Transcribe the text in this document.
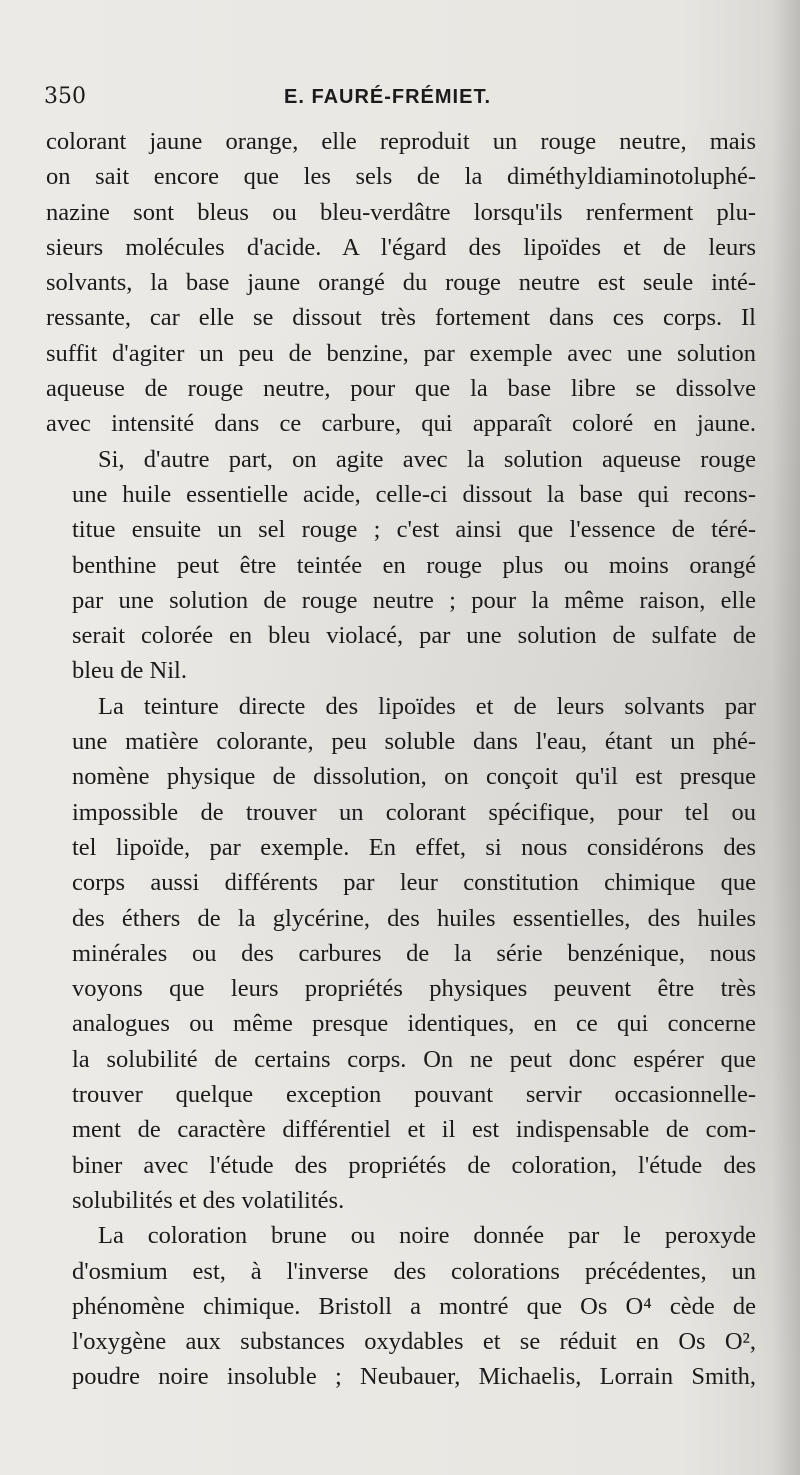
350	E. FAURÉ-FRÉMIET.

colorant jaune orange, elle reproduit un rouge neutre, mais
on sait encore que les sels de la diméthyldiaminotoluphé-
nazine sont bleus ou bleu-verdâtre lorsqu'ils renferment plu-
sieurs molécules d'acide. A l'égard des lipoïdes et de leurs
solvants, la base jaune orangé du rouge neutre est seule inté-
ressante, car elle se dissout très fortement dans ces corps. Il
suffit d'agiter un peu de benzine, par exemple avec une solution
aqueuse de rouge neutre, pour que la base libre se dissolve
avec intensité dans ce carbure, qui apparaît coloré en jaune.

Si, d'autre part, on agite avec la solution aqueuse rouge
une huile essentielle acide, celle-ci dissout la base qui recons-
titue ensuite un sel rouge ; c'est ainsi que l'essence de téré-
benthine peut être teintée en rouge plus ou moins orangé
par une solution de rouge neutre ; pour la même raison, elle
serait colorée en bleu violacé, par une solution de sulfate de
bleu de Nil.

La teinture directe des lipoïdes et de leurs solvants par
une matière colorante, peu soluble dans l'eau, étant un phé-
nomène physique de dissolution, on conçoit qu'il est presque
impossible de trouver un colorant spécifique, pour tel ou
tel lipoïde, par exemple. En effet, si nous considérons des
corps aussi différents par leur constitution chimique que
des éthers de la glycérine, des huiles essentielles, des huiles
minérales ou des carbures de la série benzénique, nous
voyons que leurs propriétés physiques peuvent être très
analogues ou même presque identiques, en ce qui concerne
la solubilité de certains corps. On ne peut donc espérer que
trouver quelque exception pouvant servir occasionnelle-
ment de caractère différentiel et il est indispensable de com-
biner avec l'étude des propriétés de coloration, l'étude des
solubilités et des volatilités.

La coloration brune ou noire donnée par le peroxyde
d'osmium est, à l'inverse des colorations précédentes, un
phénomène chimique. Bristoll a montré que Os O⁴ cède de
l'oxygène aux substances oxydables et se réduit en Os O²,
poudre noire insoluble ; Neubauer, Michaelis, Lorrain Smith,
